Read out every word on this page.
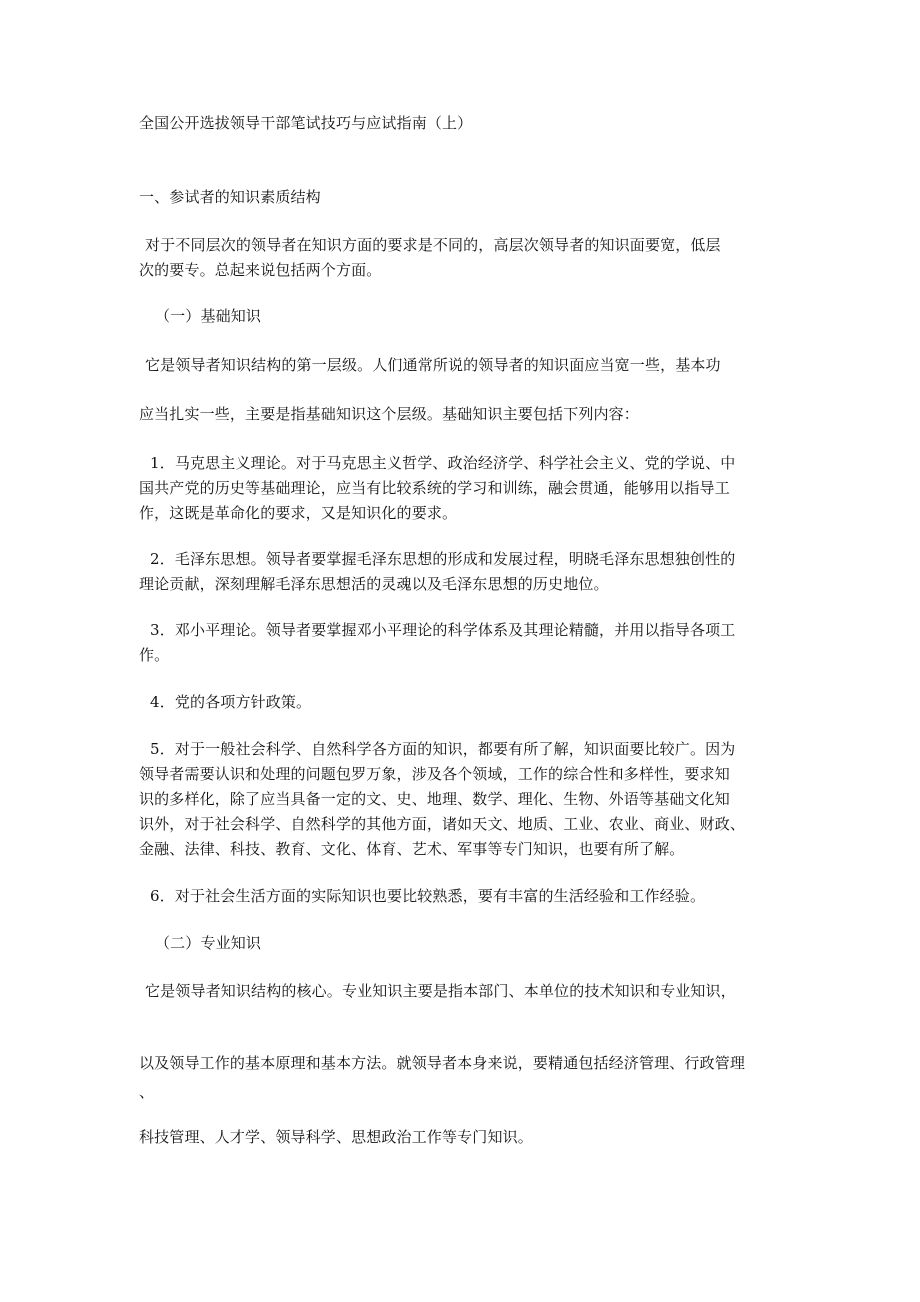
全国公开选拔领导干部笔试技巧与应试指南（上）
一、参试者的知识素质结构
对于不同层次的领导者在知识方面的要求是不同的，高层次领导者的知识面要宽，低层
次的要专。总起来说包括两个方面。
（一）基础知识
它是领导者知识结构的第一层级。人们通常所说的领导者的知识面应当宽一些，基本功
应当扎实一些，主要是指基础知识这个层级。基础知识主要包括下列内容：
1．马克思主义理论。对于马克思主义哲学、政治经济学、科学社会主义、党的学说、中
国共产党的历史等基础理论，应当有比较系统的学习和训练，融会贯通，能够用以指导工
作，这既是革命化的要求，又是知识化的要求。
2．毛泽东思想。领导者要掌握毛泽东思想的形成和发展过程，明晓毛泽东思想独创性的
理论贡献，深刻理解毛泽东思想活的灵魂以及毛泽东思想的历史地位。
3．邓小平理论。领导者要掌握邓小平理论的科学体系及其理论精髓，并用以指导各项工
作。
4．党的各项方针政策。
5．对于一般社会科学、自然科学各方面的知识，都要有所了解，知识面要比较广。因为
领导者需要认识和处理的问题包罗万象，涉及各个领域，工作的综合性和多样性，要求知
识的多样化，除了应当具备一定的文、史、地理、数学、理化、生物、外语等基础文化知
识外，对于社会科学、自然科学的其他方面，诸如天文、地质、工业、农业、商业、财政、
金融、法律、科技、教育、文化、体育、艺术、军事等专门知识，也要有所了解。
6．对于社会生活方面的实际知识也要比较熟悉，要有丰富的生活经验和工作经验。
（二）专业知识
它是领导者知识结构的核心。专业知识主要是指本部门、本单位的技术知识和专业知识，
以及领导工作的基本原理和基本方法。就领导者本身来说，要精通包括经济管理、行政管理
、
科技管理、人才学、领导科学、思想政治工作等专门知识。
